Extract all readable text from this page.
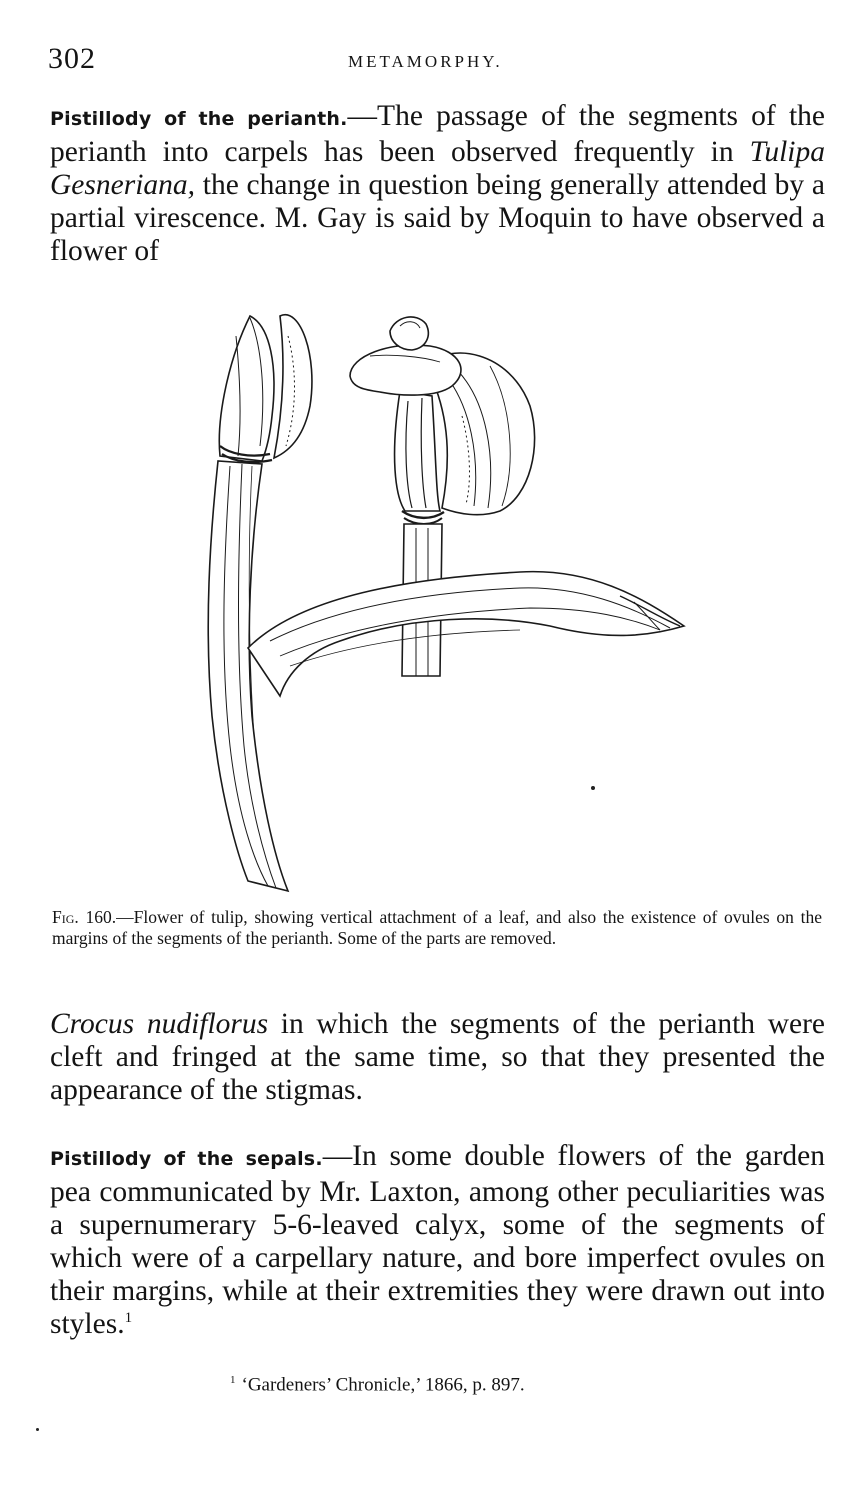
302	METAMORPHY.

Pistillody of the perianth.—The passage of the segments of the perianth into carpels has been observed frequently in Tulipa Gesneriana, the change in question being generally attended by a partial virescence. M. Gay is said by Moquin to have observed a flower of

Fig. 160.—Flower of tulip, showing vertical attachment of a leaf, and also the existence of ovules on the margins of the segments of the perianth. Some of the parts are removed.

Crocus nudiflorus in which the segments of the perianth were cleft and fringed at the same time, so that they presented the appearance of the stigmas.

Pistillody of the sepals.—In some double flowers of the garden pea communicated by Mr. Laxton, among other peculiarities was a supernumerary 5-6-leaved calyx, some of the segments of which were of a carpellary nature, and bore imperfect ovules on their margins, while at their extremities they were drawn out into styles.$^1$

$^1$ ‘Gardeners’ Chronicle,’ 1866, p. 897.
